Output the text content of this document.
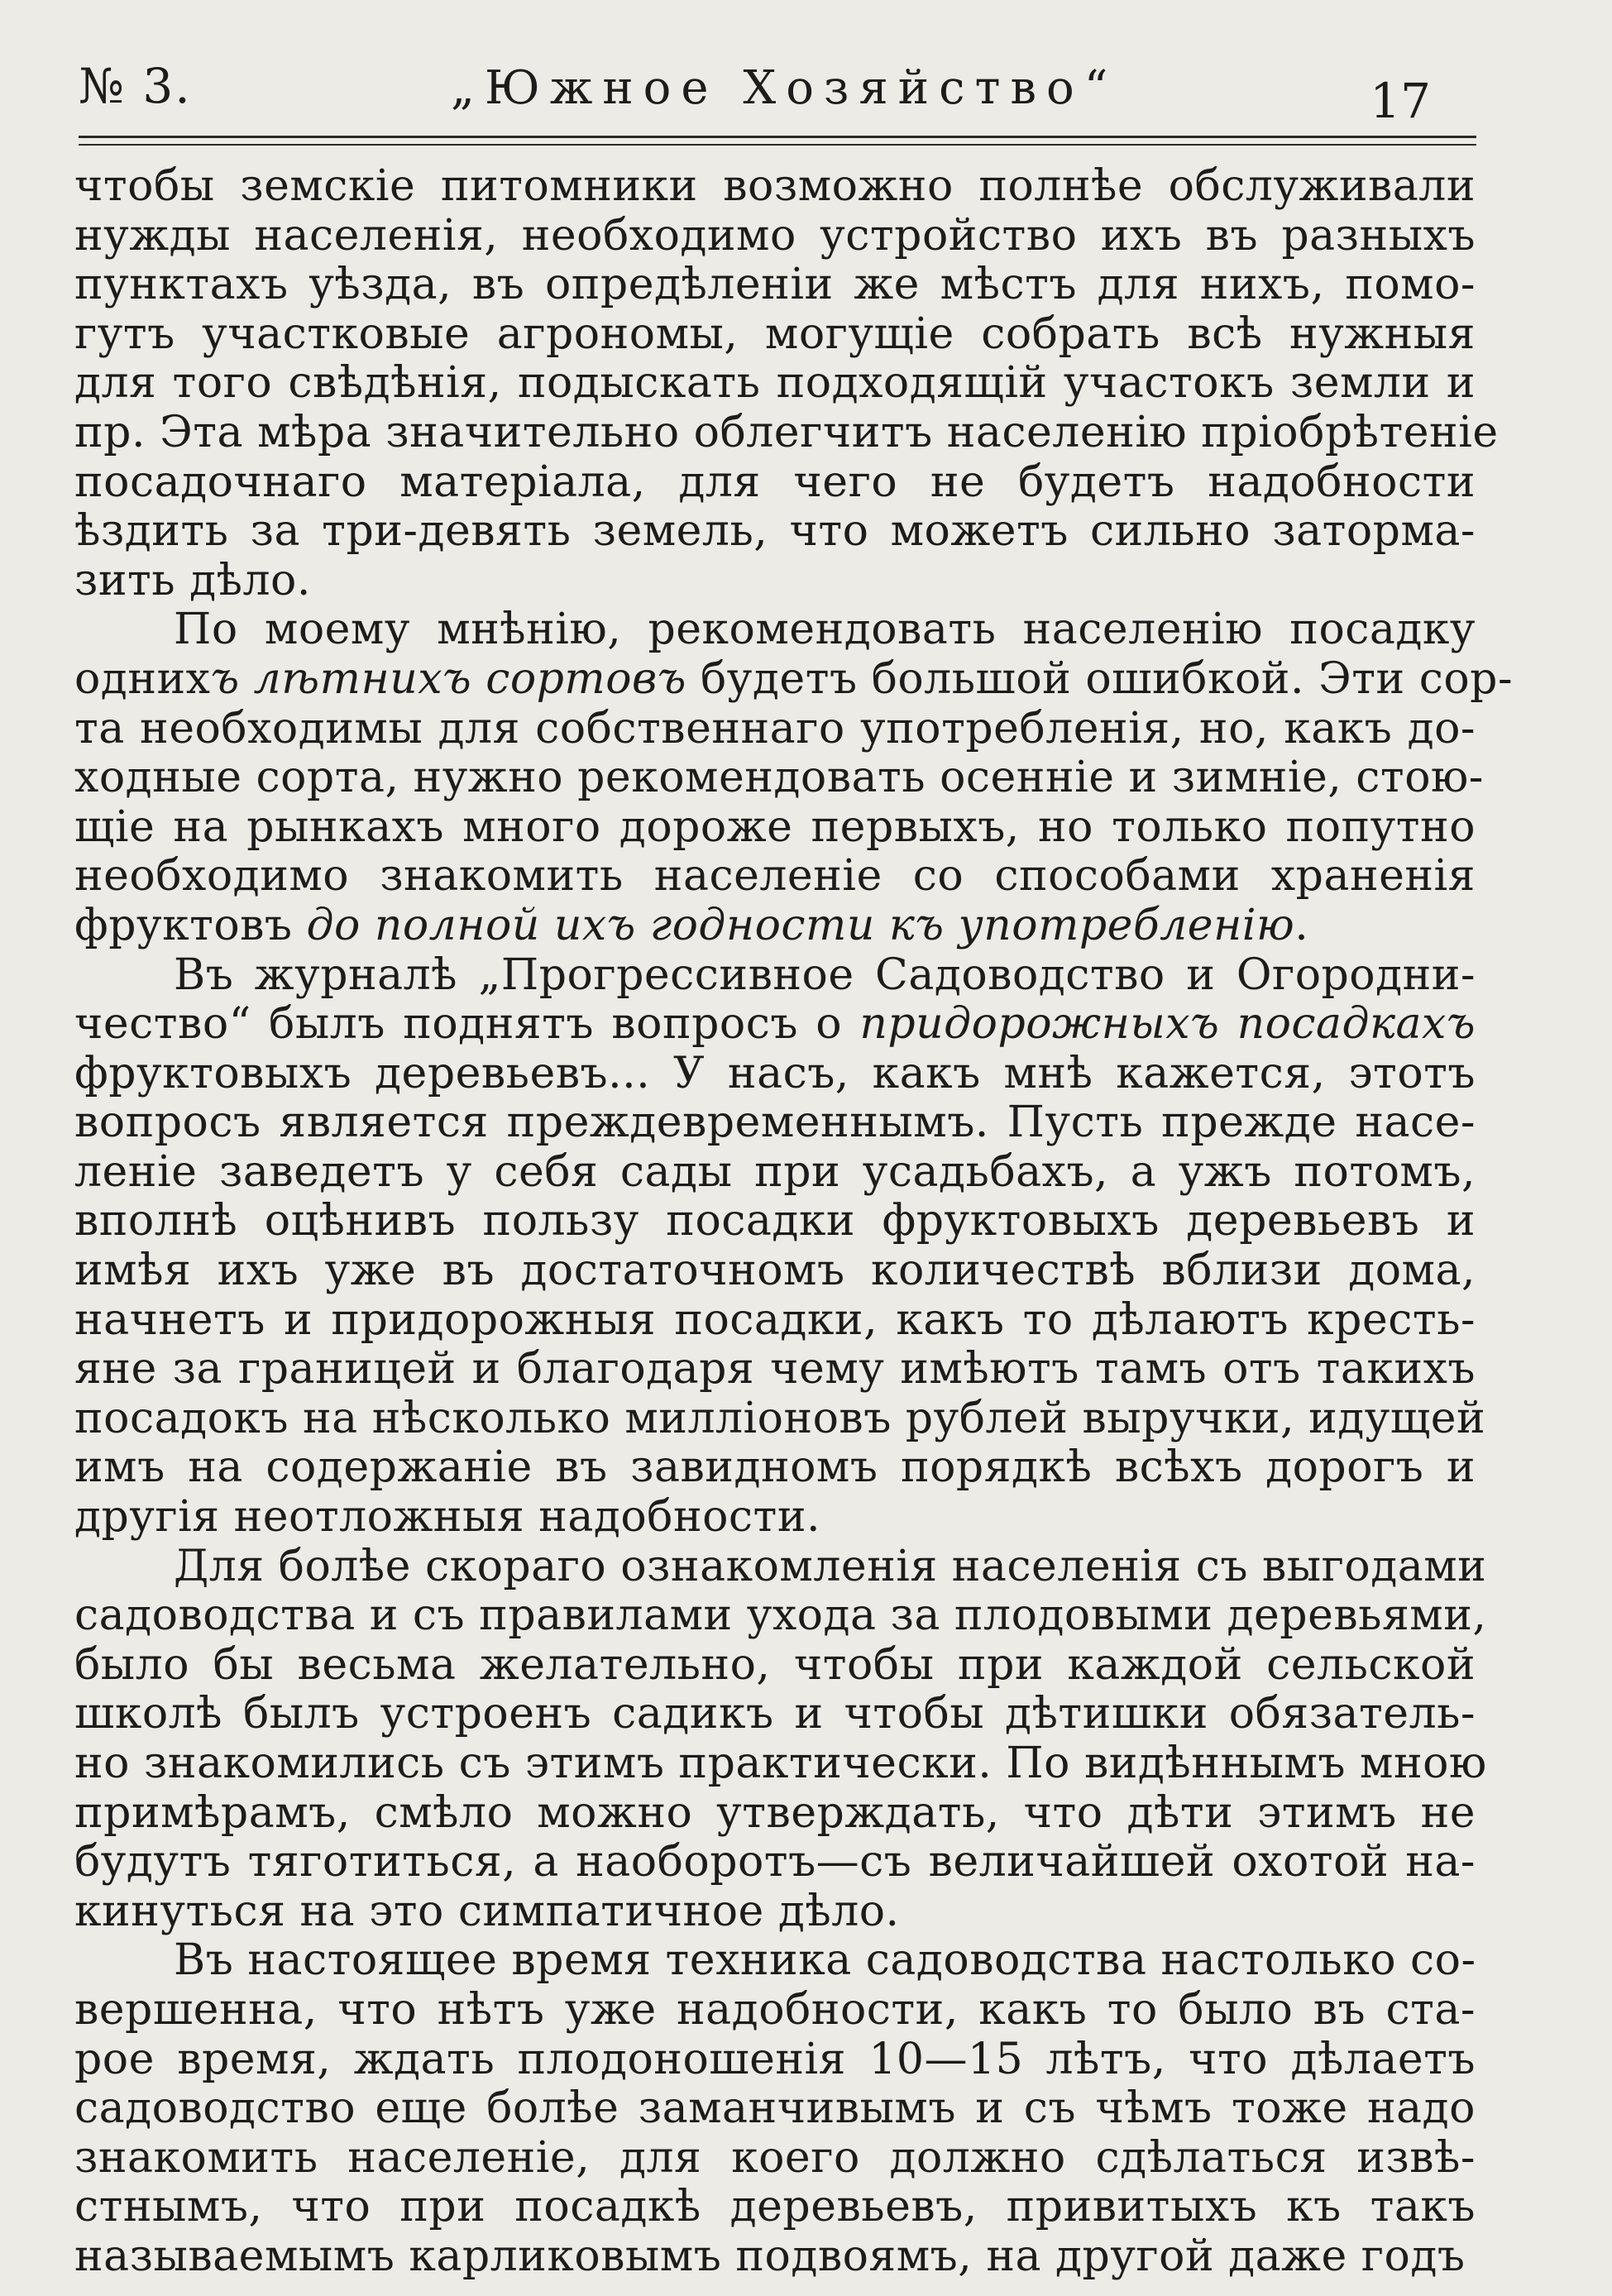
№ 3.	„Южное Хозяйство“	17
чтобы земскіе питомники возможно полнѣе обслуживали
нужды населенія, необходимо устройство ихъ въ разныхъ
пунктахъ уѣзда, въ опредѣленіи же мѣстъ для нихъ, помо-
гутъ участковые агрономы, могущіе собрать всѣ нужныя
для того свѣдѣнія, подыскать подходящій участокъ земли и
пр. Эта мѣра значительно облегчитъ населенію пріобрѣтеніе
посадочнаго матеріала, для чего не будетъ надобности
ѣздить за три-девять земель, что можетъ сильно заторма-
зить дѣло.
По моему мнѣнію, рекомендовать населенію посадку
однихъ лѣтнихъ сортовъ будетъ большой ошибкой. Эти сор-
та необходимы для собственнаго употребленія, но, какъ до-
ходные сорта, нужно рекомендовать осенніе и зимніе, стою-
щіе на рынкахъ много дороже первыхъ, но только попутно
необходимо знакомить населеніе со способами храненія
фруктовъ до полной ихъ годности къ употребленію.
Въ журналѣ „Прогрессивное Садоводство и Огородни-
чество“ былъ поднятъ вопросъ о придорожныхъ посадкахъ
фруктовыхъ деревьевъ... У насъ, какъ мнѣ кажется, этотъ
вопросъ является преждевременнымъ. Пусть прежде насе-
леніе заведетъ у себя сады при усадьбахъ, а ужъ потомъ,
вполнѣ оцѣнивъ пользу посадки фруктовыхъ деревьевъ и
имѣя ихъ уже въ достаточномъ количествѣ вблизи дома,
начнетъ и придорожныя посадки, какъ то дѣлаютъ кресть-
яне за границей и благодаря чему имѣютъ тамъ отъ такихъ
посадокъ на нѣсколько милліоновъ рублей выручки, идущей
имъ на содержаніе въ завидномъ порядкѣ всѣхъ дорогъ и
другія неотложныя надобности.
Для болѣе скораго ознакомленія населенія съ выгодами
садоводства и съ правилами ухода за плодовыми деревьями,
было бы весьма желательно, чтобы при каждой сельской
школѣ былъ устроенъ садикъ и чтобы дѣтишки обязатель-
но знакомились съ этимъ практически. По видѣннымъ мною
примѣрамъ, смѣло можно утверждать, что дѣти этимъ не
будутъ тяготиться, а наоборотъ—съ величайшей охотой на-
кинуться на это симпатичное дѣло.
Въ настоящее время техника садоводства настолько со-
вершенна, что нѣтъ уже надобности, какъ то было въ ста-
рое время, ждать плодоношенія 10—15 лѣтъ, что дѣлаетъ
садоводство еще болѣе заманчивымъ и съ чѣмъ тоже надо
знакомить населеніе, для коего должно сдѣлаться извѣ-
стнымъ, что при посадкѣ деревьевъ, привитыхъ къ такъ
называемымъ карликовымъ подвоямъ, на другой даже годъ
